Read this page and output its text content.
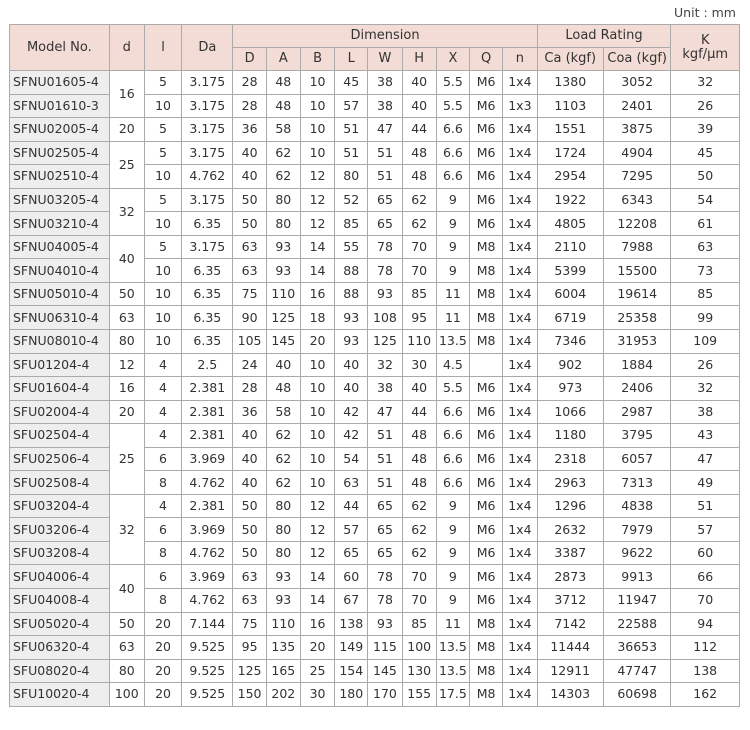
Unit : mm
Model No.	d	l	Da	Dimension									Load Rating		K
kgf/μm
				D	A	B	L	W	H	X	Q	n	Ca (kgf)	Coa (kgf)	
SFNU01605-4	16	5	3.175	28	48	10	45	38	40	5.5	M6	1x4	1380	3052	32
SFNU01610-3		10	3.175	28	48	10	57	38	40	5.5	M6	1x3	1103	2401	26
SFNU02005-4	20	5	3.175	36	58	10	51	47	44	6.6	M6	1x4	1551	3875	39
SFNU02505-4	25	5	3.175	40	62	10	51	51	48	6.6	M6	1x4	1724	4904	45
SFNU02510-4		10	4.762	40	62	12	80	51	48	6.6	M6	1x4	2954	7295	50
SFNU03205-4	32	5	3.175	50	80	12	52	65	62	9	M6	1x4	1922	6343	54
SFNU03210-4		10	6.35	50	80	12	85	65	62	9	M6	1x4	4805	12208	61
SFNU04005-4	40	5	3.175	63	93	14	55	78	70	9	M8	1x4	2110	7988	63
SFNU04010-4		10	6.35	63	93	14	88	78	70	9	M8	1x4	5399	15500	73
SFNU05010-4	50	10	6.35	75	110	16	88	93	85	11	M8	1x4	6004	19614	85
SFNU06310-4	63	10	6.35	90	125	18	93	108	95	11	M8	1x4	6719	25358	99
SFNU08010-4	80	10	6.35	105	145	20	93	125	110	13.5	M8	1x4	7346	31953	109
SFU01204-4	12	4	2.5	24	40	10	40	32	30	4.5		1x4	902	1884	26
SFU01604-4	16	4	2.381	28	48	10	40	38	40	5.5	M6	1x4	973	2406	32
SFU02004-4	20	4	2.381	36	58	10	42	47	44	6.6	M6	1x4	1066	2987	38
SFU02504-4	25	4	2.381	40	62	10	42	51	48	6.6	M6	1x4	1180	3795	43
SFU02506-4		6	3.969	40	62	10	54	51	48	6.6	M6	1x4	2318	6057	47
SFU02508-4		8	4.762	40	62	10	63	51	48	6.6	M6	1x4	2963	7313	49
SFU03204-4	32	4	2.381	50	80	12	44	65	62	9	M6	1x4	1296	4838	51
SFU03206-4		6	3.969	50	80	12	57	65	62	9	M6	1x4	2632	7979	57
SFU03208-4		8	4.762	50	80	12	65	65	62	9	M6	1x4	3387	9622	60
SFU04006-4	40	6	3.969	63	93	14	60	78	70	9	M6	1x4	2873	9913	66
SFU04008-4		8	4.762	63	93	14	67	78	70	9	M6	1x4	3712	11947	70
SFU05020-4	50	20	7.144	75	110	16	138	93	85	11	M8	1x4	7142	22588	94
SFU06320-4	63	20	9.525	95	135	20	149	115	100	13.5	M8	1x4	11444	36653	112
SFU08020-4	80	20	9.525	125	165	25	154	145	130	13.5	M8	1x4	12911	47747	138
SFU10020-4	100	20	9.525	150	202	30	180	170	155	17.5	M8	1x4	14303	60698	162
